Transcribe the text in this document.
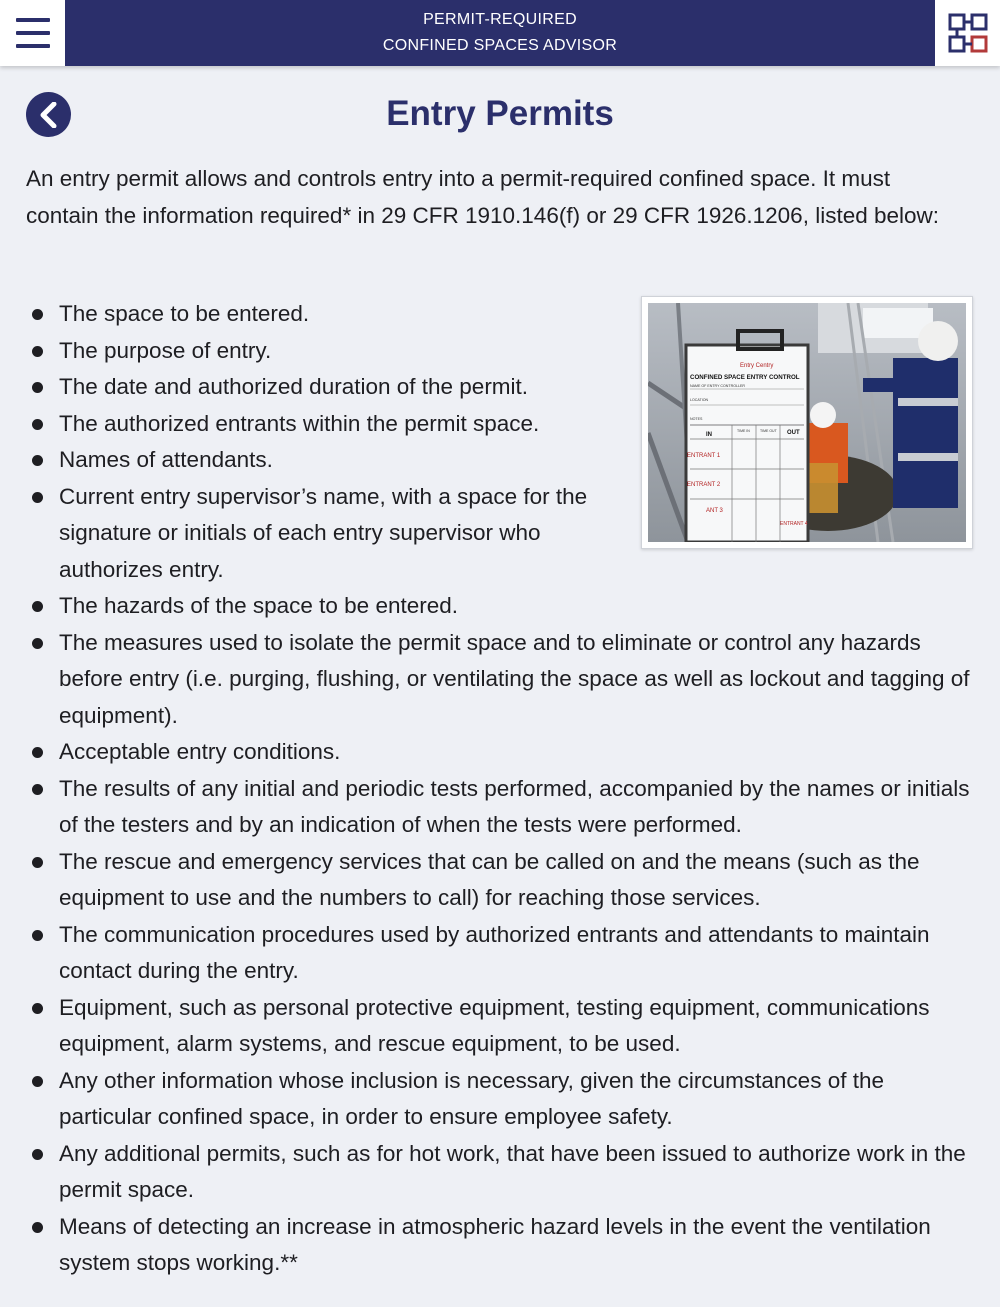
PERMIT-REQUIRED
CONFINED SPACES ADVISOR
Entry Permits

An entry permit allows and controls entry into a permit-required confined space. It must contain the information required* in 29 CFR 1910.146(f) or 29 CFR 1926.1206, listed below:

Entry Centry
CONFINED SPACE ENTRY CONTROL
NAME OF ENTRY CONTROLLER
LOCATION
NOTES
IN
TIME IN	TIME OUT OUT
ENTRANT 1
ENTRANT 2
ANT 3
ENTRANT 4
The space to be entered.
The purpose of entry.
The date and authorized duration of the permit.
The authorized entrants within the permit space.
Names of attendants.
Current entry supervisor’s name, with a space for the signature or initials of each entry supervisor who authorizes entry.
The hazards of the space to be entered.
The measures used to isolate the permit space and to eliminate or control any hazards before entry (i.e. purging, flushing, or ventilating the space as well as lockout and tagging of equipment).
Acceptable entry conditions.
The results of any initial and periodic tests performed, accompanied by the names or initials of the testers and by an indication of when the tests were performed.
The rescue and emergency services that can be called on and the means (such as the equipment to use and the numbers to call) for reaching those services.
The communication procedures used by authorized entrants and attendants to maintain contact during the entry.
Equipment, such as personal protective equipment, testing equipment, communications equipment, alarm systems, and rescue equipment, to be used.
Any other information whose inclusion is necessary, given the circumstances of the particular confined space, in order to ensure employee safety.
Any additional permits, such as for hot work, that have been issued to authorize work in the permit space.
Means of detecting an increase in atmospheric hazard levels in the event the ventilation system stops working.**
